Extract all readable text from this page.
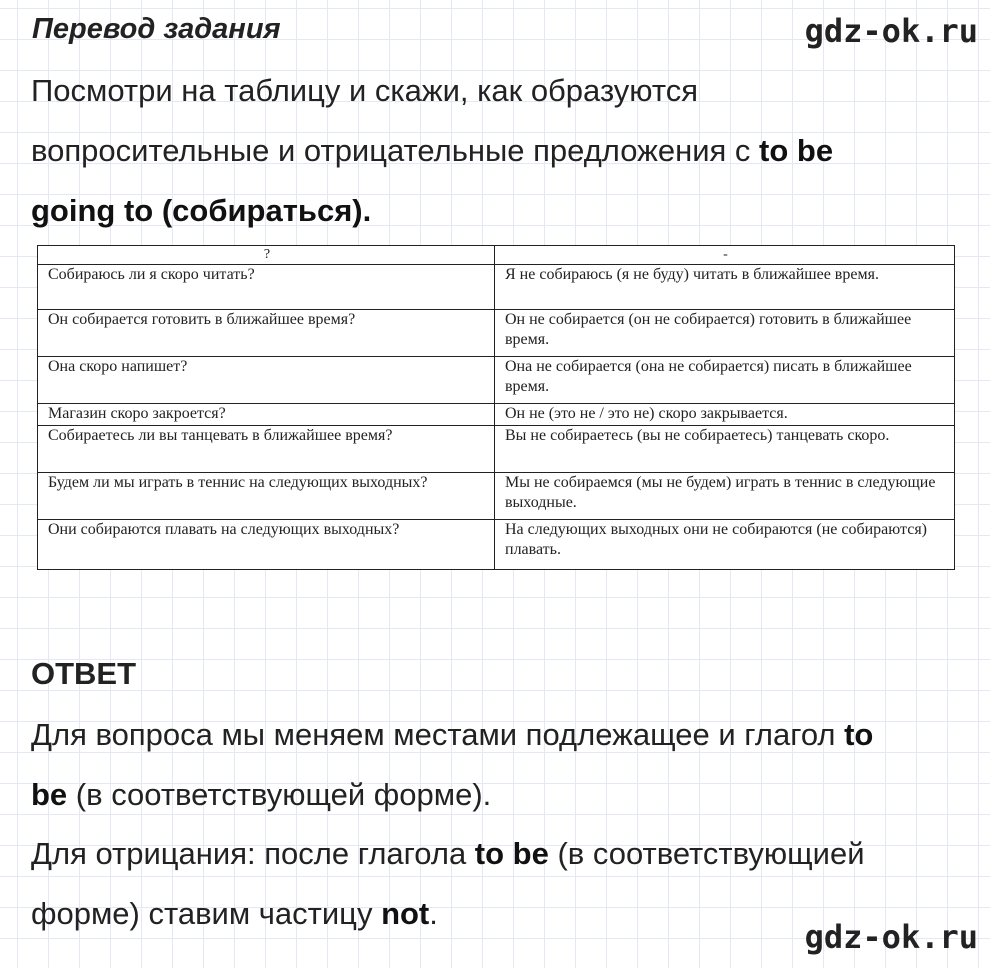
Перевод задания	gdz-ok.ru
Посмотри на таблицу и скажи, как образуются
вопросительные и отрицательные предложения с to be
going to (собираться).
?	-
Собираюсь ли я скоро читать?	Я не собираюсь (я не буду) читать в ближайшее время.
Он собирается готовить в ближайшее время?	Он не собирается (он не собирается) готовить в ближайшее время.
Она скоро напишет?	Она не собирается (она не собирается) писать в ближайшее время.
Магазин скоро закроется?	Он не (это не / это не) скоро закрывается.
Собираетесь ли вы танцевать в ближайшее время?	Вы не собираетесь (вы не собираетесь) танцевать скоро.
Будем ли мы играть в теннис на следующих выходных?	Мы не собираемся (мы не будем) играть в теннис в следующие выходные.
Они собираются плавать на следующих выходных?	На следующих выходных они не собираются (не собираются) плавать.
ОТВЕТ
Для вопроса мы меняем местами подлежащее и глагол to
be (в соответствующей форме).
Для отрицания: после глагола to be (в соответствующией
форме) ставим частицу not.
gdz-ok.ru
